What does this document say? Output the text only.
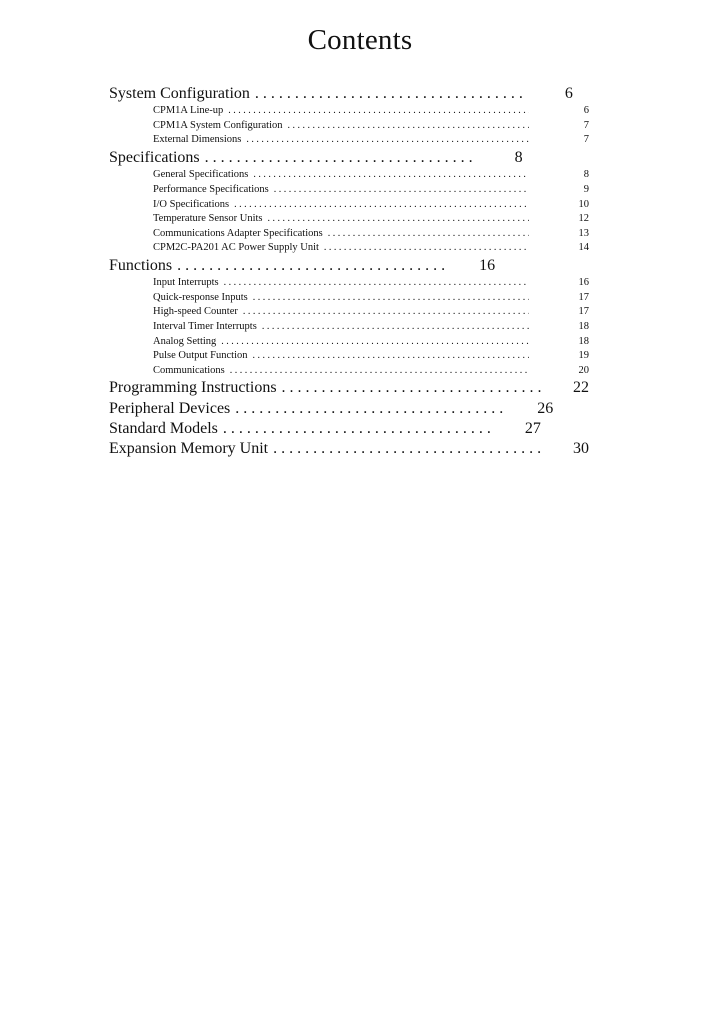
Contents
System Configuration . . .	6
CPM1A Line-up . . .	6
CPM1A System Configuration . . .	7
External Dimensions . . .	7
Specifications . . .	8
General Specifications . . .	8
Performance Specifications . . .	9
I/O Specifications . . .	10
Temperature Sensor Units . . .	12
Communications Adapter Specifications . . .	13
CPM2C-PA201 AC Power Supply Unit . . .	14
Functions . . .	16
Input Interrupts . . .	16
Quick-response Inputs . . .	17
High-speed Counter . . .	17
Interval Timer Interrupts . . .	18
Analog Setting . . .	18
Pulse Output Function . . .	19
Communications . . .	20
Programming Instructions . . .	22
Peripheral Devices . . .	26
Standard Models . . .	27
Expansion Memory Unit . . .	30
